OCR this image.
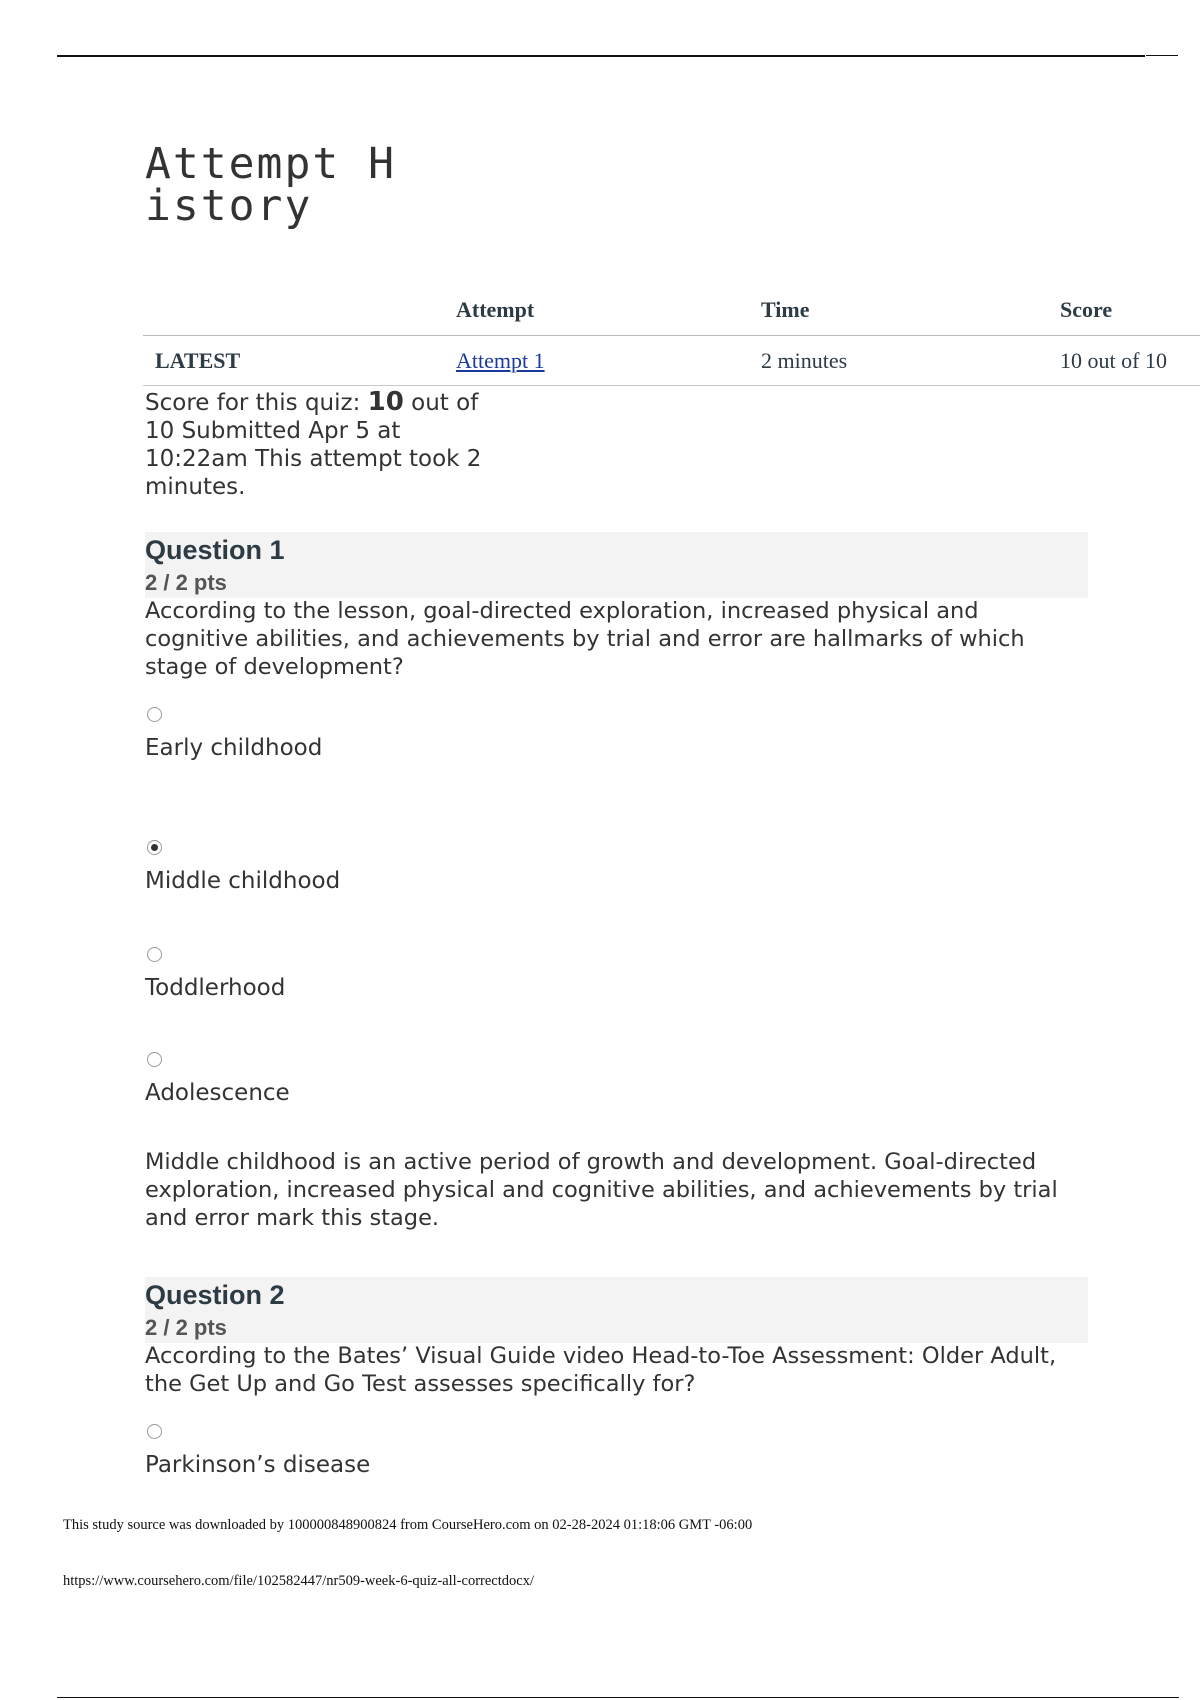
Attempt History
	Attempt	Time	Score
LATEST	Attempt 1	2 minutes	10 out of 10
Score for this quiz: 10 out of 10 Submitted Apr 5 at 10:22am This attempt took 2 minutes.
Question 1
2 / 2 pts
According to the lesson, goal-directed exploration, increased physical and cognitive abilities, and achievements by trial and error are hallmarks of which stage of development?
Early childhood
Middle childhood
Toddlerhood
Adolescence
Middle childhood is an active period of growth and development. Goal-directed exploration, increased physical and cognitive abilities, and achievements by trial and error mark this stage.
Question 2
2 / 2 pts
According to the Bates’ Visual Guide video Head-to-Toe Assessment: Older Adult, the Get Up and Go Test assesses specifically for?
Parkinson’s disease
This study source was downloaded by 100000848900824 from CourseHero.com on 02-28-2024 01:18:06 GMT -06:00
https://www.coursehero.com/file/102582447/nr509-week-6-quiz-all-correctdocx/
